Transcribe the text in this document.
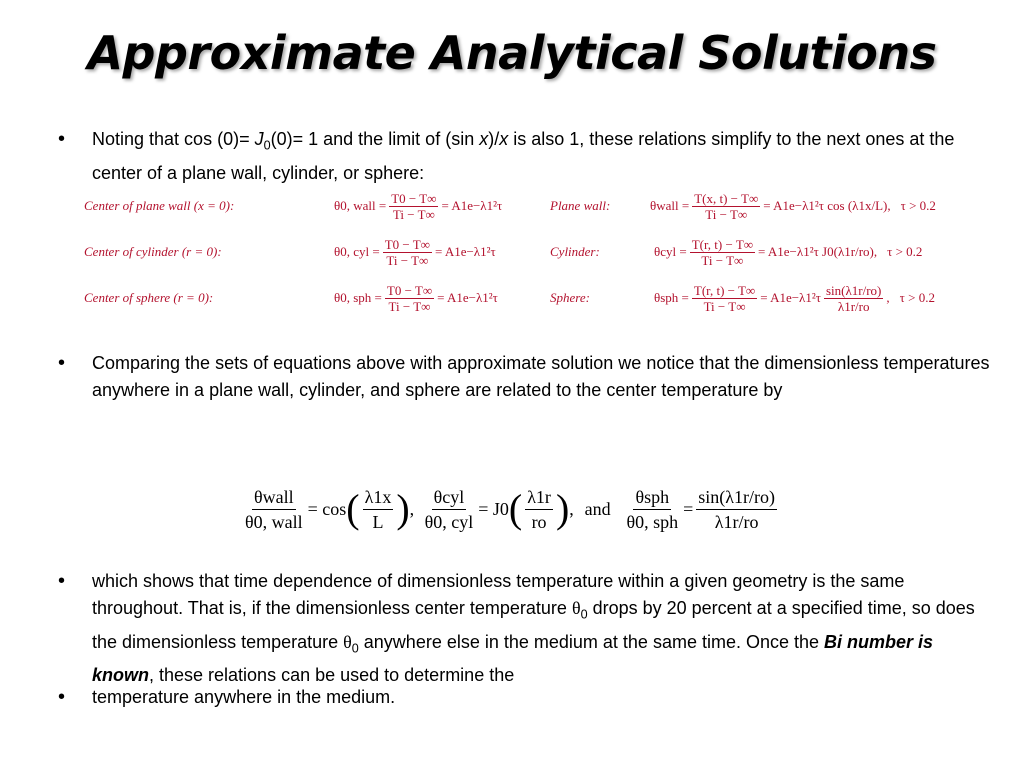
Approximate Analytical Solutions
• Noting that $\cos (0)= J_0(0)= 1$ and the limit of (sin x)/x is also 1, these relations simplify to the next ones at the center of a plane wall, cylinder, or sphere:
Center of plane wall (x = 0):	θ0, wall = $\frac{T0 - T\infty}{Ti - T\infty} = A1e-\lambda 1^2\tau$	Plane wall:	θwall = $\frac{T(x, t) - T\infty}{Ti - T\infty} = A1e-\lambda 1^2\tau$ cos (λ1x/L), τ > 0.2
Center of cylinder (r = 0):	θ0, cyl = $\frac{T0 - T\infty}{Ti - T\infty} = A1e-\lambda 1^2\tau$	Cylinder:	$\theta cyl = \frac{T(r, t) - T\infty}{Ti - T\infty} = A1e-\lambda 1^2\tau$ J0(λ1r/ro), τ > 0.2
Center of sphere (r = 0):	θ0, sph = $\frac{T0 - T\infty}{Ti - T\infty} = A1e-\lambda 1^2\tau$	Sphere:	$\theta sph = \frac{T(r, t) - T\infty}{Ti - T\infty} = A1e-\lambda 1^2\tau \frac{\sin(\lambda 1r/ro)}{\lambda 1r/ro}$ , τ > 0.2
• Comparing the sets of equations above with approximate solution we notice that the dimensionless temperatures anywhere in a plane wall, cylinder, and sphere are related to the center temperature by
$\frac{\text{θwall}}{\text{θ0, wall}} = \cos$ ( $\frac{\lambda 1x}{L}$ ) , $\frac{\text{θcyl}}{\text{θ0, cyl}} = J0$ ( $\frac{\lambda 1r}{ro}$ ) , and $\frac{\text{θsph}}{\text{θ0, sph}} = \frac{\sin(\lambda 1r/ro)}{\lambda 1r/ro}$
• which shows that time dependence of dimensionless temperature within a given geometry is the same throughout. That is, if the dimensionless center temperature $\theta_0$ drops by 20 percent at a specified time, so does the dimensionless temperature $\theta_0$ anywhere else in the medium at the same time. Once the Bi number is known, these relations can be used to determine the
• temperature anywhere in the medium.
